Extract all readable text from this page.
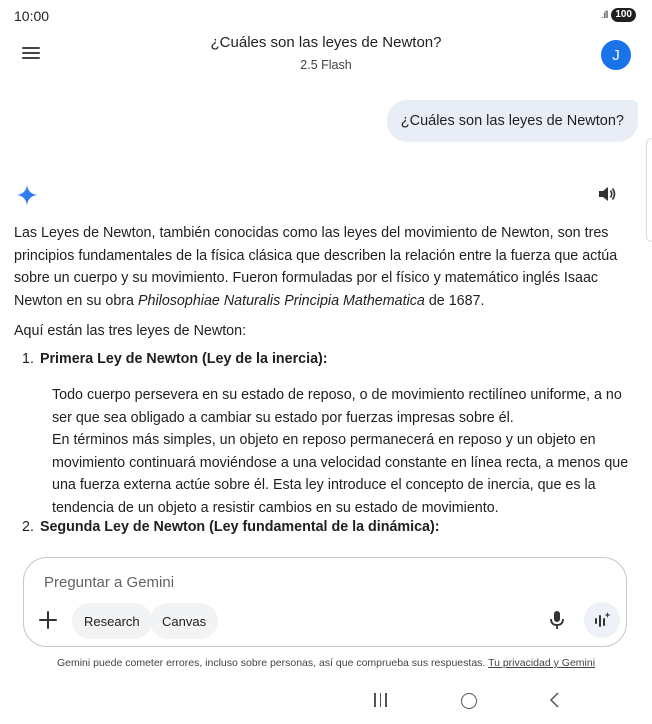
10:00	.ıll 100
¿Cuáles son las leyes de Newton?
2.5 Flash
J
¿Cuáles son las leyes de Newton?

Las Leyes de Newton, también conocidas como las leyes del movimiento de Newton, son tres principios fundamentales de la física clásica que describen la relación entre la fuerza que actúa sobre un cuerpo y su movimiento. Fueron formuladas por el físico y matemático inglés Isaac Newton en su obra Philosophiae Naturalis Principia Mathematica de 1687.

Aquí están las tres leyes de Newton:

1. Primera Ley de Newton (Ley de la inercia):

Todo cuerpo persevera en su estado de reposo, o de movimiento rectilíneo uniforme, a no ser que sea obligado a cambiar su estado por fuerzas impresas sobre él.
En términos más simples, un objeto en reposo permanecerá en reposo y un objeto en movimiento continuará moviéndose a una velocidad constante en línea recta, a menos que una fuerza externa actúe sobre él. Esta ley introduce el concepto de inercia, que es la tendencia de un objeto a resistir cambios en su estado de movimiento.

2. Segunda Ley de Newton (Ley fundamental de la dinámica):
Preguntar a Gemini
Research	Canvas
Gemini puede cometer errores, incluso sobre personas, así que comprueba sus respuestas. Tu privacidad y Gemini
